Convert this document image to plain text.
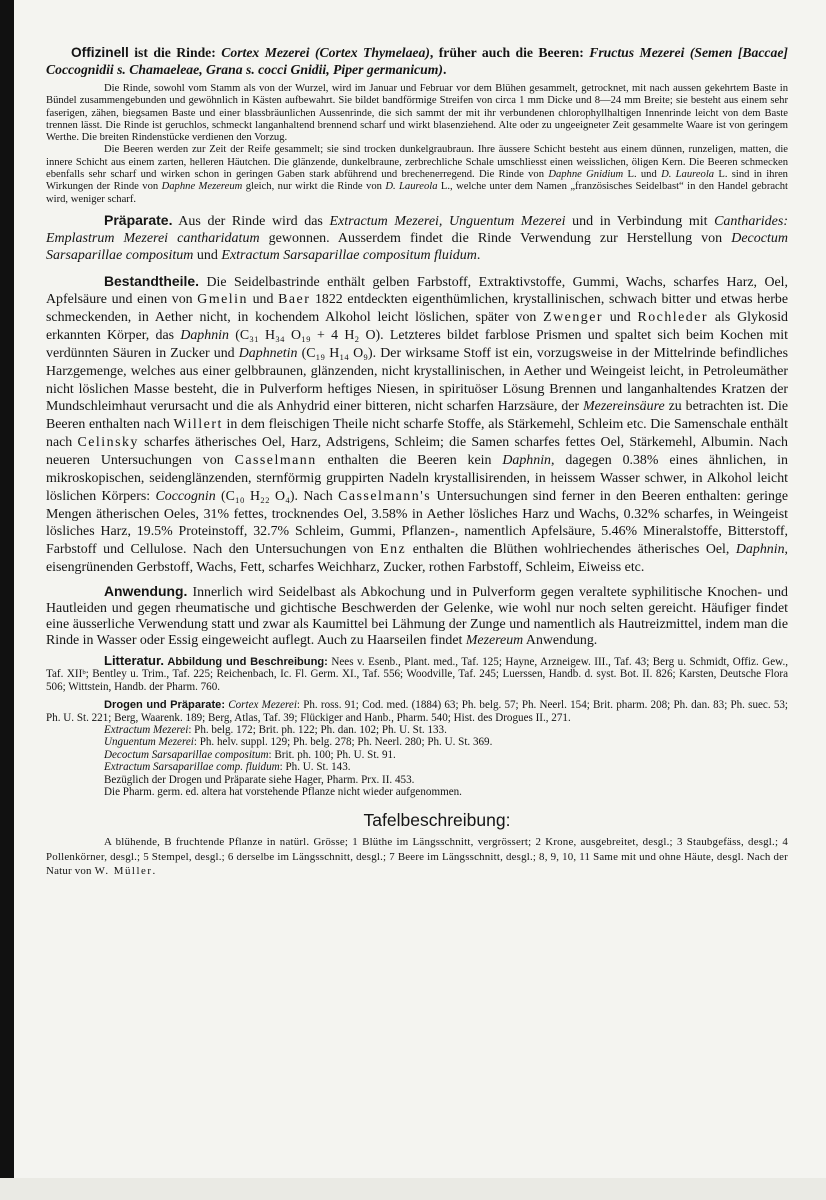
Offizinell ist die Rinde: Cortex Mezerei (Cortex Thymelaea), früher auch die Beeren: Fructus Mezerei (Semen [Baccae] Coccognidii s. Chamaeleae, Grana s. cocci Gnidii, Piper germanicum).

Die Rinde, sowohl vom Stamm als von der Wurzel, wird im Januar und Februar vor dem Blühen gesammelt, getrocknet, mit nach aussen gekehrtem Baste in Bündel zusammengebunden und gewöhnlich in Kästen aufbewahrt. Sie bildet bandförmige Streifen von circa 1 mm Dicke und 8—24 mm Breite; sie besteht aus einem sehr faserigen, zähen, biegsamen Baste und einer blassbräunlichen Aussenrinde, die sich sammt der mit ihr verbundenen chlorophyllhaltigen Innenrinde leicht von dem Baste trennen lässt. Die Rinde ist geruchlos, schmeckt langanhaltend brennend scharf und wirkt blasenziehend. Alte oder zu ungeeigneter Zeit gesammelte Waare ist von geringem Werthe. Die breiten Rindenstücke verdienen den Vorzug.

Die Beeren werden zur Zeit der Reife gesammelt; sie sind trocken dunkelgraubraun. Ihre äussere Schicht besteht aus einem dünnen, runzeligen, matten, die innere Schicht aus einem zarten, helleren Häutchen. Die glänzende, dunkelbraune, zerbrechliche Schale umschliesst einen weisslichen, öligen Kern. Die Beeren schmecken ebenfalls sehr scharf und wirken schon in geringen Gaben stark abführend und brechenerregend. Die Rinde von Daphne Gnidium L. und D. Laureola L. sind in ihren Wirkungen der Rinde von Daphne Mezereum gleich, nur wirkt die Rinde von D. Laureola L., welche unter dem Namen „französisches Seidelbast“ in den Handel gebracht wird, weniger scharf.

Präparate. Aus der Rinde wird das Extractum Mezerei, Unguentum Mezerei und in Verbindung mit Cantharides: Emplastrum Mezerei cantharidatum gewonnen. Ausserdem findet die Rinde Verwendung zur Herstellung von Decoctum Sarsaparillae compositum und Extractum Sarsaparillae compositum fluidum.

Bestandtheile. Die Seidelbastrinde enthält gelben Farbstoff, Extraktivstoffe, Gummi, Wachs, scharfes Harz, Oel, Apfelsäure und einen von Gmelin und Baer 1822 entdeckten eigenthümlichen, krystallinischen, schwach bitter und etwas herbe schmeckenden, in Aether nicht, in kochendem Alkohol leicht löslichen, später von Zwenger und Rochleder als Glykosid erkannten Körper, das Daphnin (C₃₁ H₃₄ O₁₉ + 4 H₂ O). Letzteres bildet farblose Prismen und spaltet sich beim Kochen mit verdünnten Säuren in Zucker und Daphnetin (C₁₉ H₁₄ O₉). Der wirksame Stoff ist ein, vorzugsweise in der Mittelrinde befindliches Harzgemenge, welches aus einer gelbbraunen, glänzenden, nicht krystallinischen, in Aether und Weingeist leicht, in Petroleumäther nicht löslichen Masse besteht, die in Pulverform heftiges Niesen, in spirituöser Lösung Brennen und langanhaltendes Kratzen der Mundschleimhaut verursacht und die als Anhydrid einer bitteren, nicht scharfen Harzsäure, der Mezereinsäure zu betrachten ist. Die Beeren enthalten nach Willert in dem fleischigen Theile nicht scharfe Stoffe, als Stärkemehl, Schleim etc. Die Samenschale enthält nach Celinsky scharfes ätherisches Oel, Harz, Adstrigens, Schleim; die Samen scharfes fettes Oel, Stärkemehl, Albumin. Nach neueren Untersuchungen von Casselmann enthalten die Beeren kein Daphnin, dagegen 0.38% eines ähnlichen, in mikroskopischen, seidenglänzenden, sternförmig gruppirten Nadeln krystallisirenden, in heissem Wasser schwer, in Alkohol leicht löslichen Körpers: Coccognin (C₁₀ H₂₂ O₄). Nach Casselmann's Untersuchungen sind ferner in den Beeren enthalten: geringe Mengen ätherischen Oeles, 31% fettes, trocknendes Oel, 3.58% in Aether lösliches Harz und Wachs, 0.32% scharfes, in Weingeist lösliches Harz, 19.5% Proteinstoff, 32.7% Schleim, Gummi, Pflanzen-, namentlich Apfelsäure, 5.46% Mineralstoffe, Bitterstoff, Farbstoff und Cellulose. Nach den Untersuchungen von Enz enthalten die Blüthen wohlriechendes ätherisches Oel, Daphnin, eisengrünenden Gerbstoff, Wachs, Fett, scharfes Weichharz, Zucker, rothen Farbstoff, Schleim, Eiweiss etc.

Anwendung. Innerlich wird Seidelbast als Abkochung und in Pulverform gegen veraltete syphilitische Knochen- und Hautleiden und gegen rheumatische und gichtische Beschwerden der Gelenke, wie wohl nur noch selten gereicht. Häufiger findet eine äusserliche Verwendung statt und zwar als Kaumittel bei Lähmung der Zunge und namentlich als Hautreizmittel, indem man die Rinde in Wasser oder Essig eingeweicht auflegt. Auch zu Haarseilen findet Mezereum Anwendung.

Litteratur. Abbildung und Beschreibung: Nees v. Esenb., Plant. med., Taf. 125; Hayne, Arzneigew. III., Taf. 43; Berg u. Schmidt, Offiz. Gew., Taf. XIIᵇ; Bentley u. Trim., Taf. 225; Reichenbach, Ic. Fl. Germ. XI., Taf. 556; Woodville, Taf. 245; Luerssen, Handb. d. syst. Bot. II. 826; Karsten, Deutsche Flora 506; Wittstein, Handb. der Pharm. 760.

Drogen und Präparate: Cortex Mezerei: Ph. ross. 91; Cod. med. (1884) 63; Ph. belg. 57; Ph. Neerl. 154; Brit. pharm. 208; Ph. dan. 83; Ph. suec. 53; Ph. U. St. 221; Berg, Waarenk. 189; Berg, Atlas, Taf. 39; Flückiger and Hanb., Pharm. 540; Hist. des Drogues II., 271.

Extractum Mezerei: Ph. belg. 172; Brit. ph. 122; Ph. dan. 102; Ph. U. St. 133.

Unguentum Mezerei: Ph. helv. suppl. 129; Ph. belg. 278; Ph. Neerl. 280; Ph. U. St. 369.

Decoctum Sarsaparillae compositum: Brit. ph. 100; Ph. U. St. 91.

Extractum Sarsaparillae comp. fluidum: Ph. U. St. 143.

Bezüglich der Drogen und Präparate siehe Hager, Pharm. Prx. II. 453.

Die Pharm. germ. ed. altera hat vorstehende Pflanze nicht wieder aufgenommen.

Tafelbeschreibung:

A blühende, B fruchtende Pflanze in natürl. Grösse; 1 Blüthe im Längsschnitt, vergrössert; 2 Krone, ausgebreitet, desgl.; 3 Staubgefäss, desgl.; 4 Pollenkörner, desgl.; 5 Stempel, desgl.; 6 derselbe im Längsschnitt, desgl.; 7 Beere im Längsschnitt, desgl.; 8, 9, 10, 11 Same mit und ohne Häute, desgl. Nach der Natur von W. Müller.
